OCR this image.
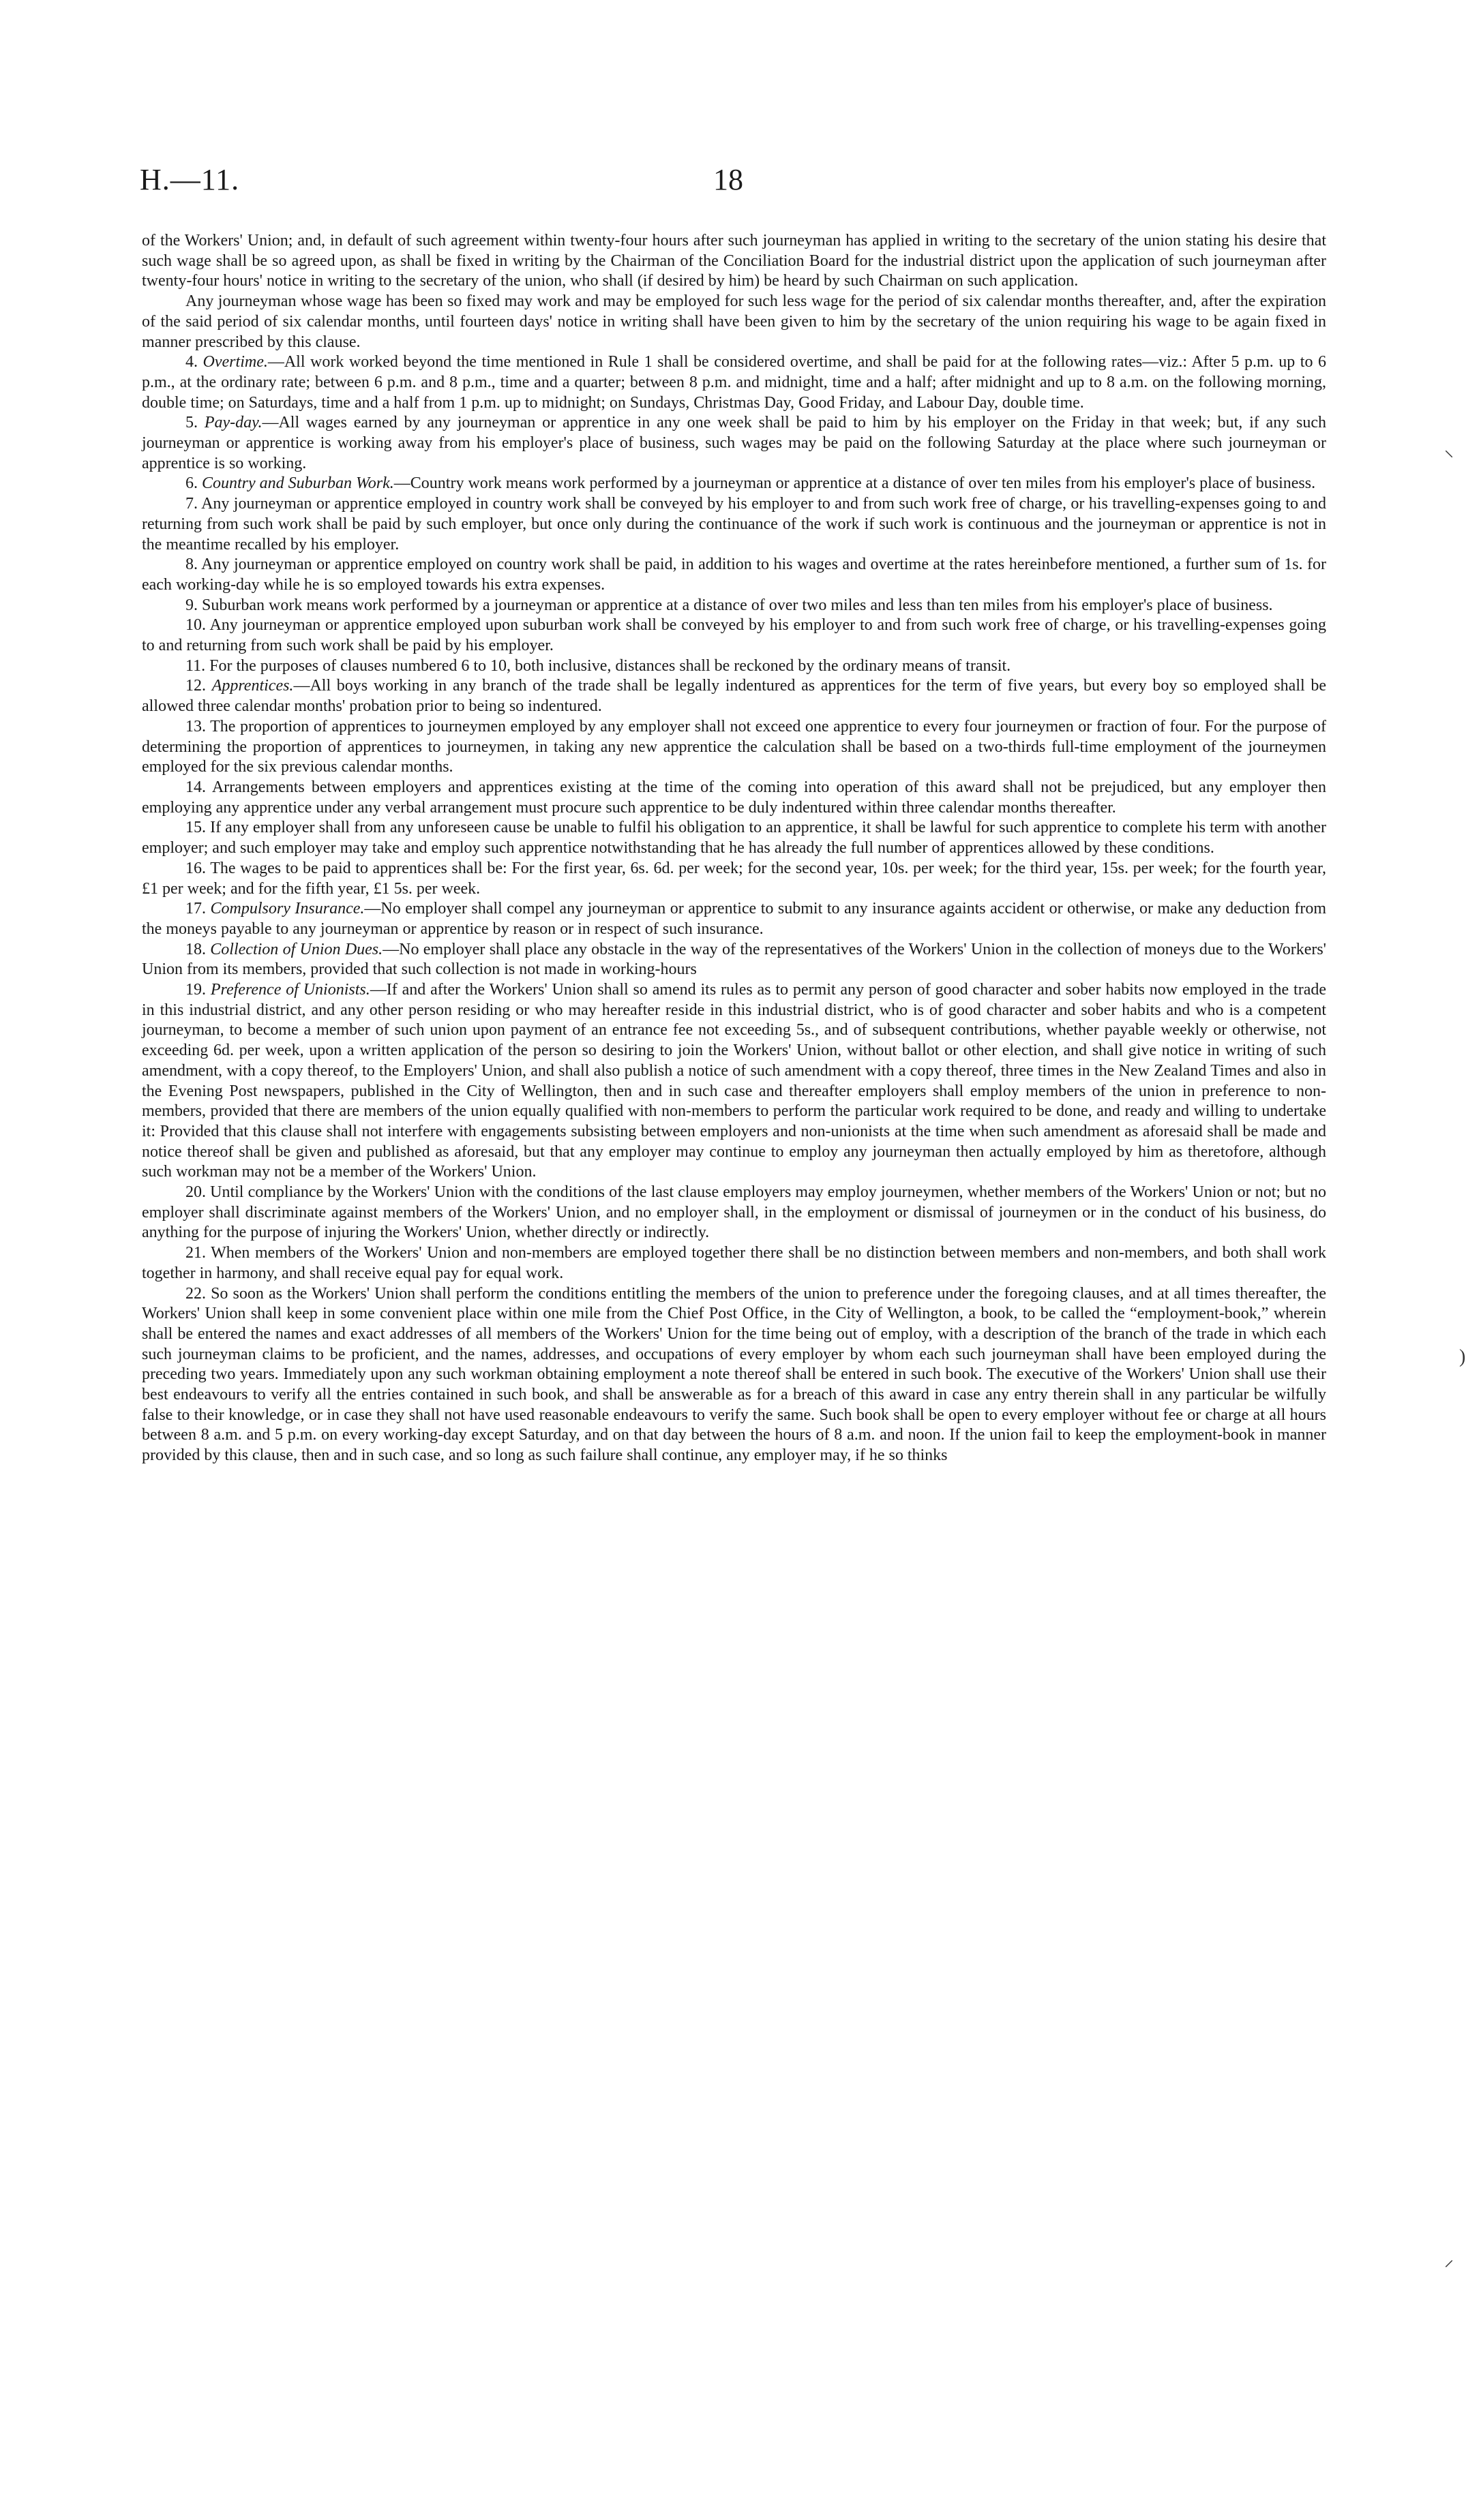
H.—11.	18

of the Workers' Union; and, in default of such agreement within twenty-four hours after such journeyman has applied in writing to the secretary of the union stating his desire that such wage shall be so agreed upon, as shall be fixed in writing by the Chairman of the Conciliation Board for the industrial district upon the application of such journeyman after twenty-four hours' notice in writing to the secretary of the union, who shall (if desired by him) be heard by such Chairman on such application.

Any journeyman whose wage has been so fixed may work and may be employed for such less wage for the period of six calendar months thereafter, and, after the expiration of the said period of six calendar months, until fourteen days' notice in writing shall have been given to him by the secretary of the union requiring his wage to be again fixed in manner prescribed by this clause.

4. Overtime.—All work worked beyond the time mentioned in Rule 1 shall be considered overtime, and shall be paid for at the following rates—viz.: After 5 p.m. up to 6 p.m., at the ordinary rate; between 6 p.m. and 8 p.m., time and a quarter; between 8 p.m. and midnight, time and a half; after midnight and up to 8 a.m. on the following morning, double time; on Saturdays, time and a half from 1 p.m. up to midnight; on Sundays, Christmas Day, Good Friday, and Labour Day, double time.

5. Pay-day.—All wages earned by any journeyman or apprentice in any one week shall be paid to him by his employer on the Friday in that week; but, if any such journeyman or apprentice is working away from his employer's place of business, such wages may be paid on the following Saturday at the place where such journeyman or apprentice is so working.

6. Country and Suburban Work.—Country work means work performed by a journeyman or apprentice at a distance of over ten miles from his employer's place of business.

7. Any journeyman or apprentice employed in country work shall be conveyed by his employer to and from such work free of charge, or his travelling-expenses going to and returning from such work shall be paid by such employer, but once only during the continuance of the work if such work is continuous and the journeyman or apprentice is not in the meantime recalled by his employer.

8. Any journeyman or apprentice employed on country work shall be paid, in addition to his wages and overtime at the rates hereinbefore mentioned, a further sum of 1s. for each working-day while he is so employed towards his extra expenses.

9. Suburban work means work performed by a journeyman or apprentice at a distance of over two miles and less than ten miles from his employer's place of business.

10. Any journeyman or apprentice employed upon suburban work shall be conveyed by his employer to and from such work free of charge, or his travelling-expenses going to and returning from such work shall be paid by his employer.

11. For the purposes of clauses numbered 6 to 10, both inclusive, distances shall be reckoned by the ordinary means of transit.

12. Apprentices.—All boys working in any branch of the trade shall be legally indentured as apprentices for the term of five years, but every boy so employed shall be allowed three calendar months' probation prior to being so indentured.

13. The proportion of apprentices to journeymen employed by any employer shall not exceed one apprentice to every four journeymen or fraction of four. For the purpose of determining the proportion of apprentices to journeymen, in taking any new apprentice the calculation shall be based on a two-thirds full-time employment of the journeymen employed for the six previous calendar months.

14. Arrangements between employers and apprentices existing at the time of the coming into operation of this award shall not be prejudiced, but any employer then employing any apprentice under any verbal arrangement must procure such apprentice to be duly indentured within three calendar months thereafter.

15. If any employer shall from any unforeseen cause be unable to fulfil his obligation to an apprentice, it shall be lawful for such apprentice to complete his term with another employer; and such employer may take and employ such apprentice notwithstanding that he has already the full number of apprentices allowed by these conditions.

16. The wages to be paid to apprentices shall be: For the first year, 6s. 6d. per week; for the second year, 10s. per week; for the third year, 15s. per week; for the fourth year, £1 per week; and for the fifth year, £1 5s. per week.

17. Compulsory Insurance.—No employer shall compel any journeyman or apprentice to submit to any insurance againts accident or otherwise, or make any deduction from the moneys payable to any journeyman or apprentice by reason or in respect of such insurance.

18. Collection of Union Dues.—No employer shall place any obstacle in the way of the representatives of the Workers' Union in the collection of moneys due to the Workers' Union from its members, provided that such collection is not made in working-hours

19. Preference of Unionists.—If and after the Workers' Union shall so amend its rules as to permit any person of good character and sober habits now employed in the trade in this industrial district, and any other person residing or who may hereafter reside in this industrial district, who is of good character and sober habits and who is a competent journeyman, to become a member of such union upon payment of an entrance fee not exceeding 5s., and of subsequent contributions, whether payable weekly or otherwise, not exceeding 6d. per week, upon a written application of the person so desiring to join the Workers' Union, without ballot or other election, and shall give notice in writing of such amendment, with a copy thereof, to the Employers' Union, and shall also publish a notice of such amendment with a copy thereof, three times in the New Zealand Times and also in the Evening Post newspapers, published in the City of Wellington, then and in such case and thereafter employers shall employ members of the union in preference to non-members, provided that there are members of the union equally qualified with non-members to perform the particular work required to be done, and ready and willing to undertake it: Provided that this clause shall not interfere with engagements subsisting between employers and non-unionists at the time when such amendment as aforesaid shall be made and notice thereof shall be given and published as aforesaid, but that any employer may continue to employ any journeyman then actually employed by him as theretofore, although such workman may not be a member of the Workers' Union.

20. Until compliance by the Workers' Union with the conditions of the last clause employers may employ journeymen, whether members of the Workers' Union or not; but no employer shall discriminate against members of the Workers' Union, and no employer shall, in the employment or dismissal of journeymen or in the conduct of his business, do anything for the purpose of injuring the Workers' Union, whether directly or indirectly.

21. When members of the Workers' Union and non-members are employed together there shall be no distinction between members and non-members, and both shall work together in harmony, and shall receive equal pay for equal work.

22. So soon as the Workers' Union shall perform the conditions entitling the members of the union to preference under the foregoing clauses, and at all times thereafter, the Workers' Union shall keep in some convenient place within one mile from the Chief Post Office, in the City of Wellington, a book, to be called the “employment-book,” wherein shall be entered the names and exact addresses of all members of the Workers' Union for the time being out of employ, with a description of the branch of the trade in which each such journeyman claims to be proficient, and the names, addresses, and occupations of every employer by whom each such journeyman shall have been employed during the preceding two years. Immediately upon any such workman obtaining employment a note thereof shall be entered in such book. The executive of the Workers' Union shall use their best endeavours to verify all the entries contained in such book, and shall be answerable as for a breach of this award in case any entry therein shall in any particular be wilfully false to their knowledge, or in case they shall not have used reasonable endeavours to verify the same. Such book shall be open to every employer without fee or charge at all hours between 8 a.m. and 5 p.m. on every working-day except Saturday, and on that day between the hours of 8 a.m. and noon. If the union fail to keep the employment-book in manner provided by this clause, then and in such case, and so long as such failure shall continue, any employer may, if he so thinks

⸜
)
⸝
